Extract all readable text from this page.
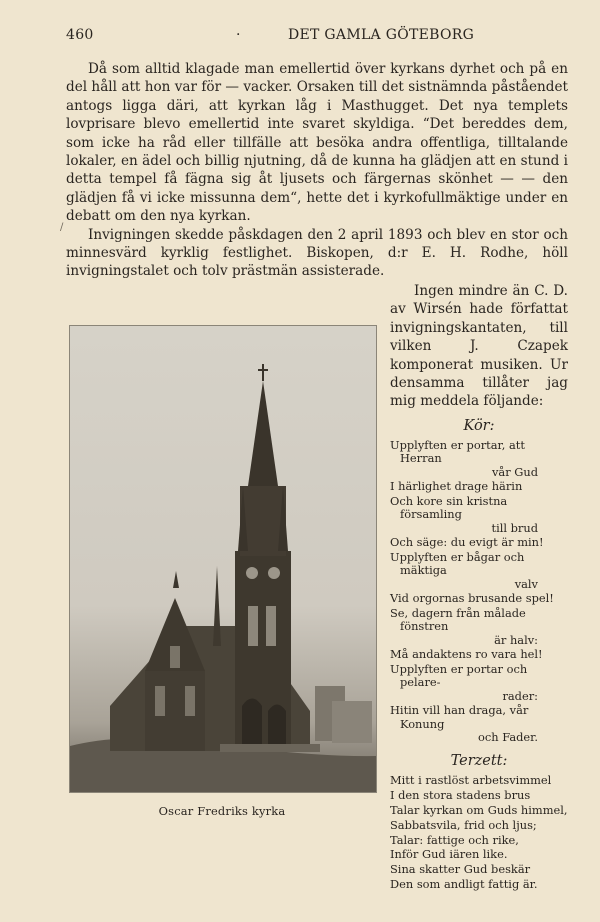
460	·	DET GAMLA GÖTEBORG

Då som alltid klagade man emellertid över kyrkans dyrhet och på en del håll att hon var för — vacker. Orsaken till det sistnämnda påståendet antogs ligga däri, att kyrkan låg i Masthugget. Det nya templets lovprisare blevo emellertid inte svaret skyldiga. “Det bereddes dem, som icke ha råd eller tillfälle att besöka andra offentliga, tilltalande lokaler, en ädel och billig njutning, då de kunna ha glädjen att en stund i detta tempel få fägna sig åt ljusets och färgernas skönhet — — den glädjen få vi icke missunna dem“, hette det i kyrkofullmäktige under en debatt om den nya kyrkan.

Invigningen skedde påskdagen den 2 april 1893 och blev en stor och minnesvärd kyrklig festlighet. Biskopen, d:r E. H. Rodhe, höll invigningstalet och tolv prästmän assisterade.

/
Oscar Fredriks kyrka

Ingen mindre än C. D. av Wirsén hade författat invigningskantaten, till vilken J. Czapek komponerat musiken. Ur densamma tillåter jag mig meddela följande:

Kör:
Upplyften er portar, att Herran
vår Gud
I härlighet drage härin
Och kore sin kristna församling
till brud
Och säge: du evigt är min!
Upplyften er bågar och mäktiga
valv
Vid orgornas brusande spel!
Se, dagern från målade fönstren
är halv:
Må andaktens ro vara hel!
Upplyften er portar och pelare-
rader:
Hitin vill han draga, vår Konung
och Fader.
Terzett:
Mitt i rastlöst arbetsvimmel
I den stora stadens brus
Talar kyrkan om Guds himmel,
Sabbatsvila, frid och ljus;
Talar: fattige och rike,
Inför Gud iären like.
Sina skatter Gud beskär
Den som andligt fattig är.
